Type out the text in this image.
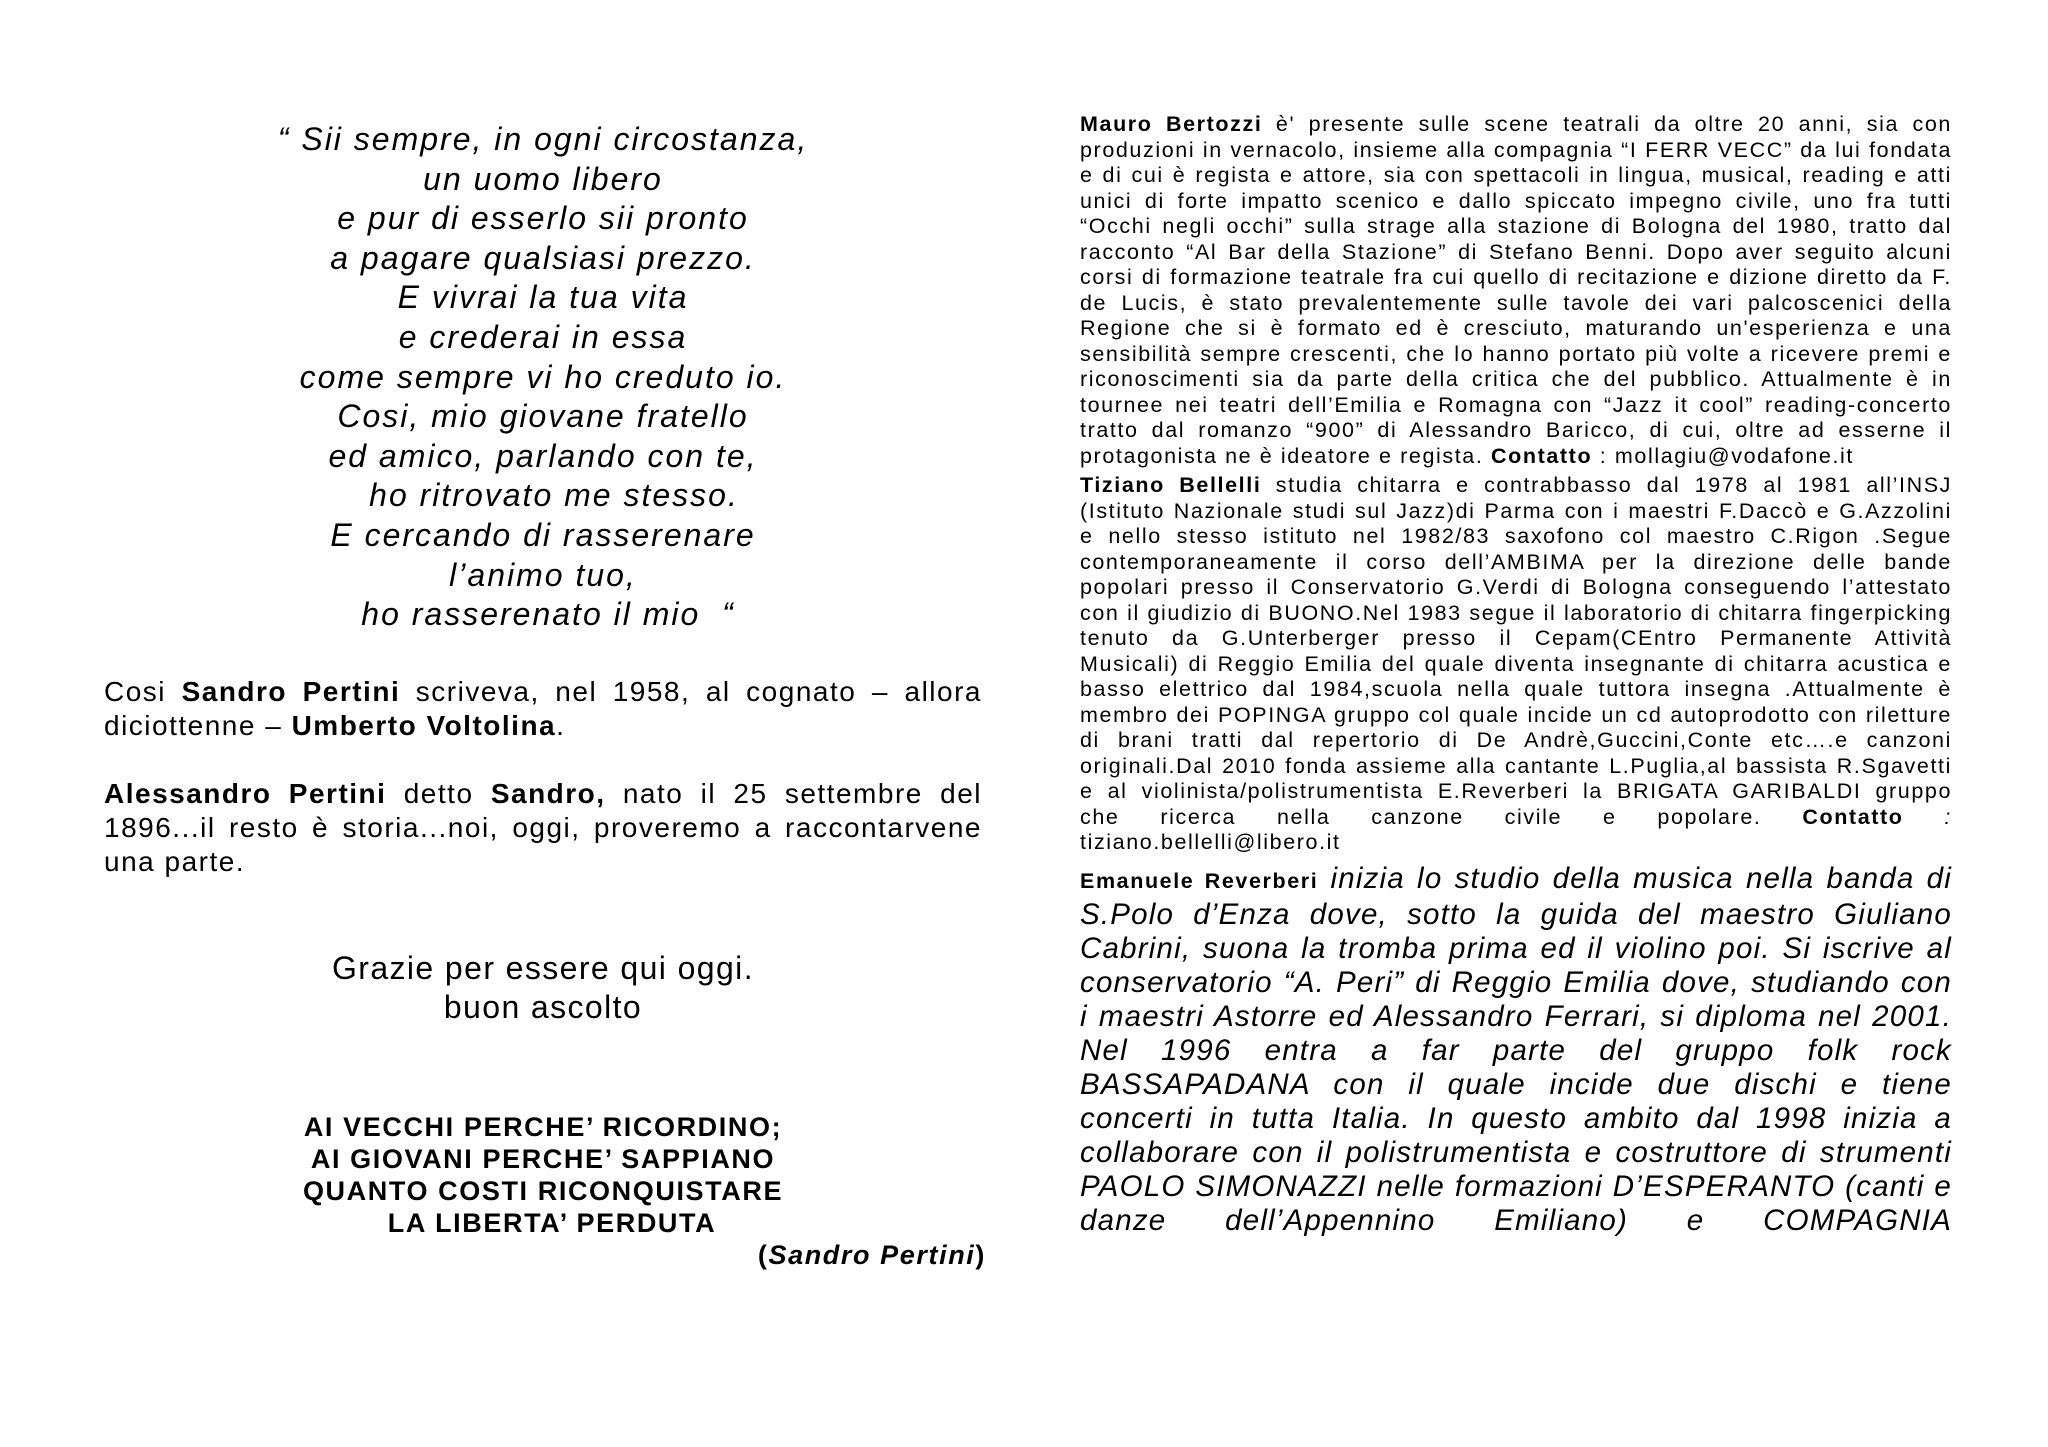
“ Sii sempre, in ogni circostanza,
un uomo libero
e pur di esserlo sii pronto
a pagare qualsiasi prezzo.
E vivrai la tua vita
e crederai in essa
come sempre vi ho creduto io.
Cosi, mio giovane fratello
ed amico, parlando con te,
ho ritrovato me stesso.
E cercando di rasserenare
l’animo tuo,
ho rasserenato il mio  “
Cosi Sandro Pertini scriveva, nel 1958, al cognato – allora diciottenne – Umberto Voltolina.
Alessandro Pertini detto Sandro, nato il 25 settembre del 1896...il resto è storia...noi, oggi, proveremo a raccontarvene una parte.
Grazie per essere qui oggi.
buon ascolto
AI VECCHI PERCHE’ RICORDINO;
AI GIOVANI PERCHE’ SAPPIANO
QUANTO COSTI RICONQUISTARE
LA LIBERTA’ PERDUTA
(Sandro Pertini)
Mauro Bertozzi è' presente sulle scene teatrali da oltre 20 anni, sia con produzioni in vernacolo, insieme alla compagnia “I FERR VECC” da lui fondata e di cui è regista e attore, sia con spettacoli in lingua, musical, reading e atti unici di forte impatto scenico e dallo spiccato impegno civile, uno fra tutti “Occhi negli occhi” sulla strage alla stazione di Bologna del 1980, tratto dal racconto “Al Bar della Stazione” di Stefano Benni. Dopo aver seguito alcuni corsi di formazione teatrale fra cui quello di recitazione e dizione diretto da F. de Lucis, è stato prevalentemente sulle tavole dei vari palcoscenici della Regione che si è formato ed è cresciuto, maturando un'esperienza e una sensibilità sempre crescenti, che lo hanno portato più volte a ricevere premi e riconoscimenti sia da parte della critica che del pubblico. Attualmente è in tournee nei teatri dell’Emilia e Romagna con “Jazz it cool” reading-concerto tratto dal romanzo “900” di Alessandro Baricco, di cui, oltre ad esserne il protagonista ne è ideatore e regista. Contatto : mollagiu@vodafone.it
Tiziano Bellelli studia chitarra e contrabbasso dal 1978 al 1981 all’INSJ (Istituto Nazionale studi sul Jazz)di Parma con i maestri F.Daccò e G.Azzolini e nello stesso istituto nel 1982/83 saxofono col maestro C.Rigon .Segue contemporaneamente il corso dell’AMBIMA per la direzione delle bande popolari presso il Conservatorio G.Verdi di Bologna conseguendo l’attestato con il giudizio di BUONO.Nel 1983 segue il laboratorio di chitarra fingerpicking tenuto da G.Unterberger presso il Cepam(CEntro Permanente Attività Musicali) di Reggio Emilia del quale diventa insegnante di chitarra acustica e basso elettrico dal 1984,scuola nella quale tuttora insegna .Attualmente è membro dei POPINGA gruppo col quale incide un cd autoprodotto con riletture di brani tratti dal repertorio di De Andrè,Guccini,Conte etc….e canzoni originali.Dal 2010 fonda assieme alla cantante L.Puglia,al bassista R.Sgavetti e al violinista/polistrumentista E.Reverberi la BRIGATA GARIBALDI gruppo che ricerca nella canzone civile e popolare. Contatto : tiziano.bellelli@libero.it
Emanuele Reverberi inizia lo studio della musica nella banda di S.Polo d’Enza dove, sotto la guida del maestro Giuliano Cabrini, suona la tromba prima ed il violino poi. Si iscrive al conservatorio “A. Peri” di Reggio Emilia dove, studiando con i maestri Astorre ed Alessandro Ferrari, si diploma nel 2001. Nel 1996 entra a far parte del gruppo folk rock BASSAPADANA con il quale incide due dischi e tiene concerti in tutta Italia. In questo ambito dal 1998 inizia a collaborare con il polistrumentista e costruttore di strumenti PAOLO SIMONAZZI nelle formazioni D’ESPERANTO (canti e danze dell’Appennino Emiliano) e COMPAGNIA
